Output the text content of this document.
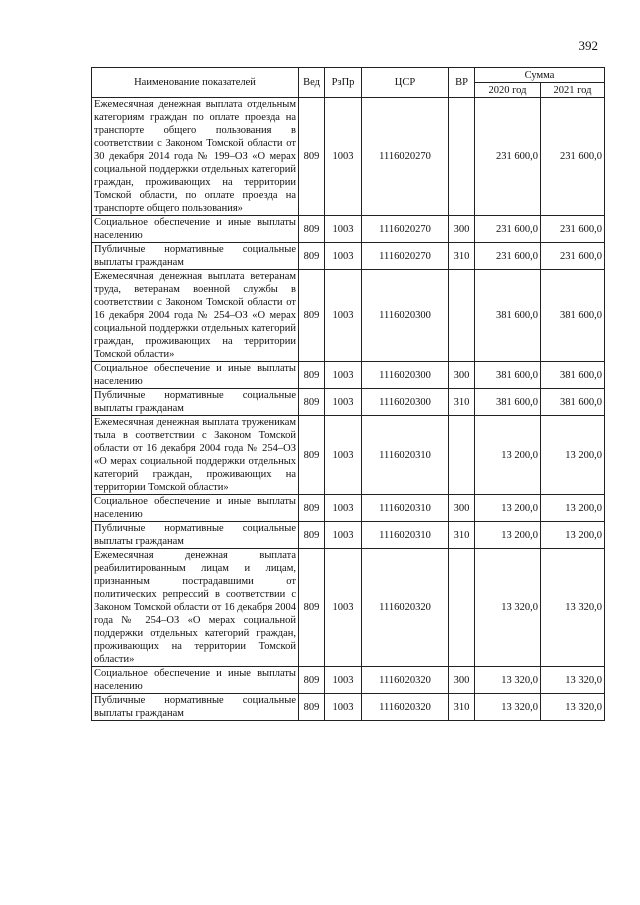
392
Наименование показателей	Вед	РзПр	ЦСР	ВР	Сумма	
					2020 год	2021 год
Ежемесячная денежная выплата отдельным категориям граждан по оплате проезда на транспорте общего пользования в соответствии с Законом Томской области от 30 декабря 2014 года № 199–ОЗ «О мерах социальной поддержки отдельных категорий граждан, проживающих на территории Томской области, по оплате проезда на транспорте общего пользования»	809	1003	1116020270		231 600,0	231 600,0
Социальное обеспечение и иные выплаты населению	809	1003	1116020270	300	231 600,0	231 600,0
Публичные нормативные социальные выплаты гражданам	809	1003	1116020270	310	231 600,0	231 600,0
Ежемесячная денежная выплата ветеранам труда, ветеранам военной службы в соответствии с Законом Томской области от 16 декабря 2004 года № 254–ОЗ «О мерах социальной поддержки отдельных категорий граждан, проживающих на территории Томской области»	809	1003	1116020300		381 600,0	381 600,0
Социальное обеспечение и иные выплаты населению	809	1003	1116020300	300	381 600,0	381 600,0
Публичные нормативные социальные выплаты гражданам	809	1003	1116020300	310	381 600,0	381 600,0
Ежемесячная денежная выплата труженикам тыла в соответствии с Законом Томской области от 16 декабря 2004 года № 254–ОЗ «О мерах социальной поддержки отдельных категорий граждан, проживающих на территории Томской области»	809	1003	1116020310		13 200,0	13 200,0
Социальное обеспечение и иные выплаты населению	809	1003	1116020310	300	13 200,0	13 200,0
Публичные нормативные социальные выплаты гражданам	809	1003	1116020310	310	13 200,0	13 200,0
Ежемесячная денежная выплата реабилитированным лицам и лицам, признанным пострадавшими от политических репрессий в соответствии с Законом Томской области от 16 декабря 2004 года № 254–ОЗ «О мерах социальной поддержки отдельных категорий граждан, проживающих на территории Томской области»	809	1003	1116020320		13 320,0	13 320,0
Социальное обеспечение и иные выплаты населению	809	1003	1116020320	300	13 320,0	13 320,0
Публичные нормативные социальные выплаты гражданам	809	1003	1116020320	310	13 320,0	13 320,0
